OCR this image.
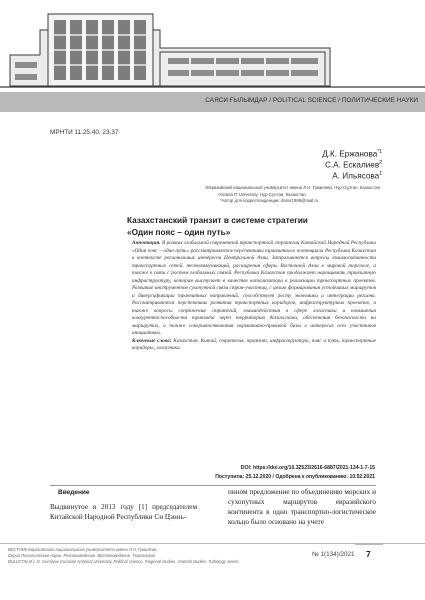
САЯСИ ҒЫЛЫМДАР / POLITICAL SCIENCE / ПОЛИТИЧЕСКИЕ НАУКИ
МРНТИ 11.25.40, 23.37
Д.К. Ержанова$^{*1}$
С.А. Ескалиев$^2$
А. Ильясова$^1$
¹Евразийский национальный университет имени Л.Н. Гумилева, Нур-Султан, Казахстан
²Astana IT University, Нур-Султан, Казахстан
*Автор для корреспонденции: damir1968@mail.ru
Казахстанский транзит в системе стратегии
«Один пояс – один путь»
Аннотация. В рамках глобальной современной транспортной стратегии Китайской Народной Республики «Один пояс – один путь» рассматриваются перспективы транзитного потенциала Республики Казахстан в контексте региональных интересов Центральной Азии. Затрагиваются вопросы взаимосвязанности транспортных сетей, телекоммуникаций, расширения сферы Восточной Азии в мировой торговле, а также в связи с ростом глобальных связей. Республика Казахстан продолжает наращивать транзитную инфраструктуру, которая выступает в качестве катализатора в реализации транспортных проектов. Развитие инструментов сухопутной связи стран-участниц, с целью формирования устойчивых маршрутов и диверсификации транзитных направлений, способствует росту экономики и интеграции региона. Рассматриваются перспективы развития транспортных коридоров, инфраструктурных проектов, а также вопросы сопряжения стратегий, взаимодействия в сфере логистики и повышения конкурентоспособности транзита через территорию Казахстана, обеспечения безопасности на маршрутах, а также совершенствования нормативно-правовой базы в интересах всех участников инициативы.
Ключевые слова: Казахстан, Китай, стратегия, транзит, инфраструктура, пояс и путь, транспортные коридоры, логистика.
DOI: https://doi.org/10.32523/2616-6887/2021-134-1-7-15
Поступила: 25.12.2020 / Одобрена к опубликованию: 10.02.2021
Введение
Выдвинутое в 2013 году [1] председателем Китайской Народной Республики Си Цзинь-
пином предложение по объединению морских и сухопутных маршрутов евразийского континента в одно транспортно-логистическое кольцо было основано на учете
ВЕСТНИК Евразийского национального университета имени Л.Н. Гумилева.
Серия Политические науки. Регионоведение. Востоковедение. Тюркология
BULLETIN of L.N. Gumilyov Eurasian National University. Political science. Regional studies. Oriental studies. Turkology Series
№ 1(134)/2021 7
